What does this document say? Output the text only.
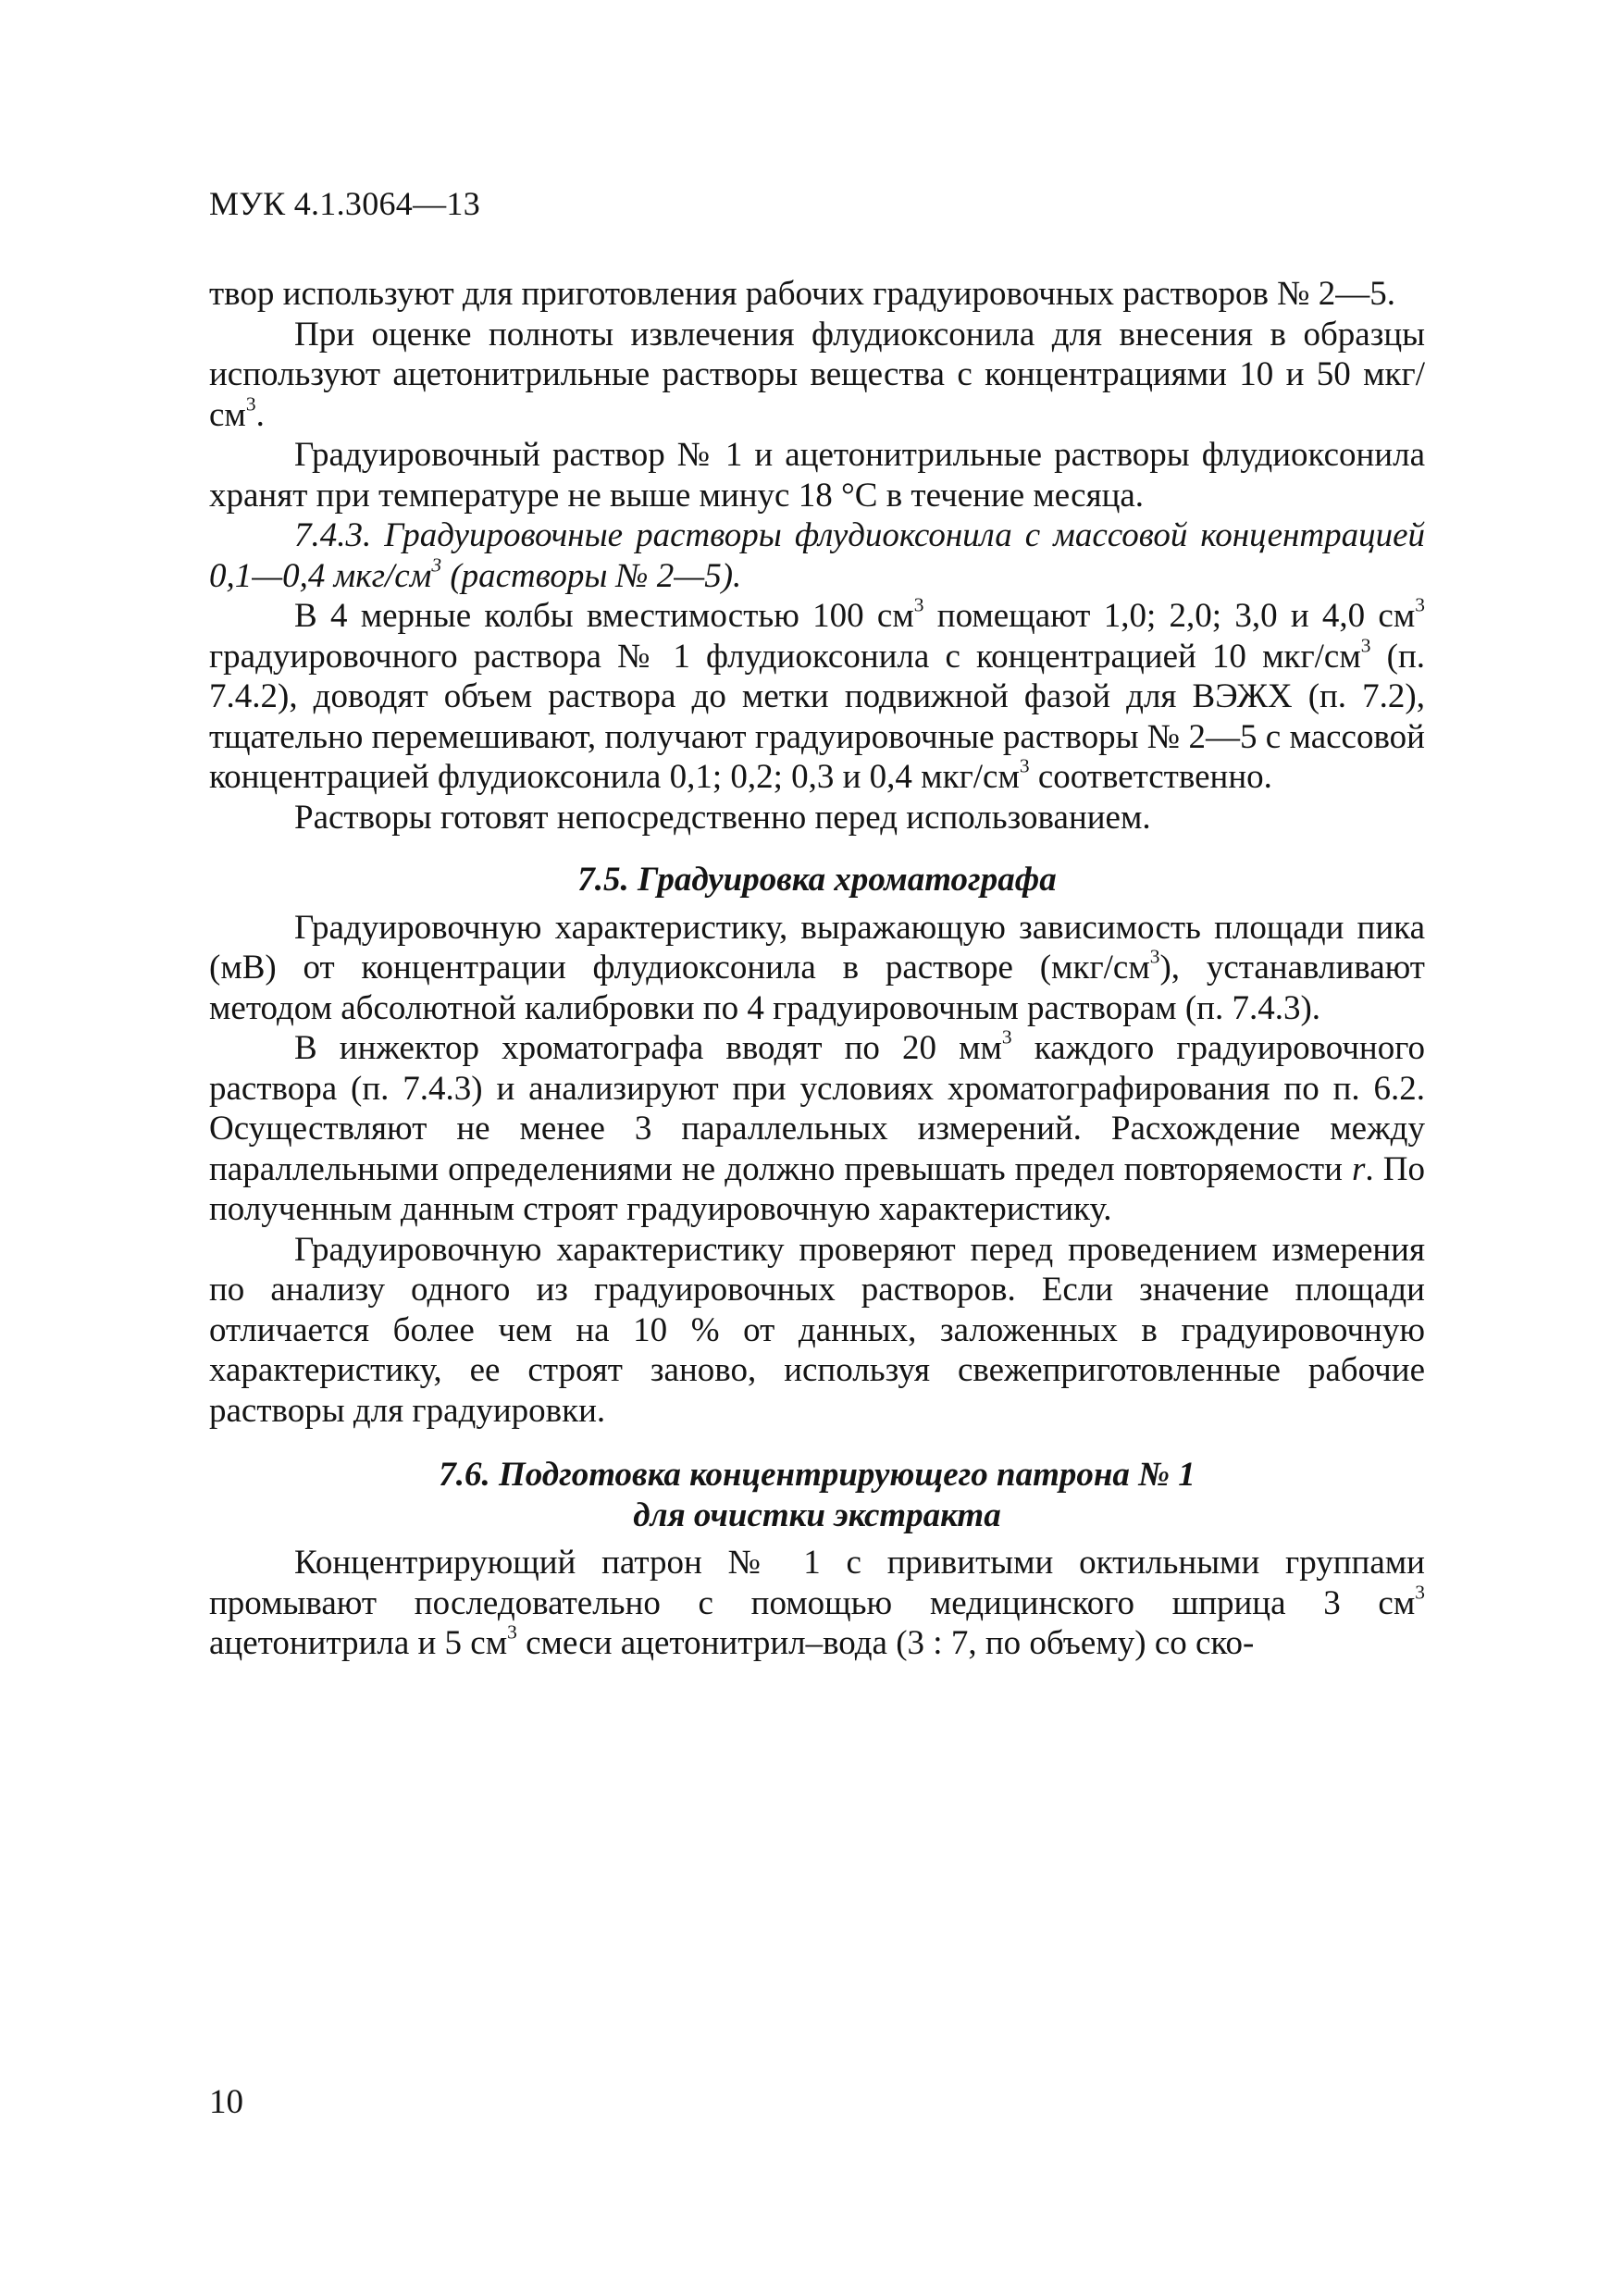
МУК 4.1.3064—13

твор используют для приготовления рабочих градуировочных растворов № 2—5.

При оценке полноты извлечения флудиоксонила для внесения в образцы используют ацетонитрильные растворы вещества с концентрациями 10 и 50 мкг/$см^3$.

Градуировочный раствор № 1 и ацетонитрильные растворы флудиоксонила хранят при температуре не выше минус 18 °С в течение месяца.

7.4.3. Градуировочные растворы флудиоксонила с массовой концентрацией 0,1—0,4 мкг/$см^3$ (растворы № 2—5).

В 4 мерные колбы вместимостью 100 $см^3$ помещают 1,0; 2,0; 3,0 и 4,0 $см^3$ градуировочного раствора № 1 флудиоксонила с концентрацией 10 мкг/$см^3$ (п. 7.4.2), доводят объем раствора до метки подвижной фазой для ВЭЖХ (п. 7.2), тщательно перемешивают, получают градуировочные растворы № 2—5 с массовой концентрацией флудиоксонила 0,1; 0,2; 0,3 и 0,4 мкг/$см^3$ соответственно.

Растворы готовят непосредственно перед использованием.

7.5. Градуировка хроматографа

Градуировочную характеристику, выражающую зависимость площади пика (мВ) от концентрации флудиоксонила в растворе $(мкг/см^3)$, устанавливают методом абсолютной калибровки по 4 градуировочным растворам (п. 7.4.3).

В инжектор хроматографа вводят по 20 $мм^3$ каждого градуировочного раствора (п. 7.4.3) и анализируют при условиях хроматографирования по п. 6.2. Осуществляют не менее 3 параллельных измерений. Расхождение между параллельными определениями не должно превышать предел повторяемости r. По полученным данным строят градуировочную характеристику.

Градуировочную характеристику проверяют перед проведением измерения по анализу одного из градуировочных растворов. Если значение площади отличается более чем на 10 % от данных, заложенных в градуировочную характеристику, ее строят заново, используя свежеприготовленные рабочие растворы для градуировки.

7.6. Подготовка концентрирующего патрона № 1
для очистки экстракта

Концентрирующий патрон № 1 с привитыми октильными группами промывают последовательно с помощью медицинского шприца 3 $см^3$ ацетонитрила и 5 $см^3$ смеси ацетонитрил–вода (3 : 7, по объему) со ско-

10
